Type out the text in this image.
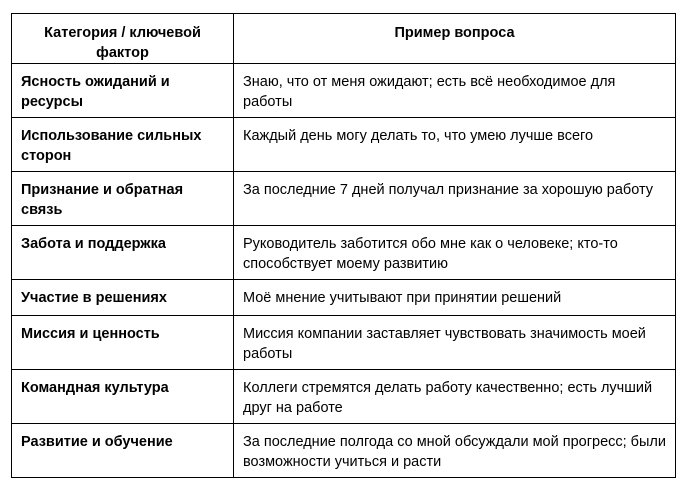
Категория / ключевой фактор	Пример вопроса
Ясность ожиданий и ресурсы	Знаю, что от меня ожидают; есть всё необходимое для работы
Использование сильных сторон	Каждый день могу делать то, что умею лучше всего
Признание и обратная связь	За последние 7 дней получал признание за хорошую работу
Забота и поддержка	Руководитель заботится обо мне как о человеке; кто-то способствует моему развитию
Участие в решениях	Моё мнение учитывают при принятии решений
Миссия и ценность	Миссия компании заставляет чувствовать значимость моей работы
Командная культура	Коллеги стремятся делать работу качественно; есть лучший друг на работе
Развитие и обучение	За последние полгода со мной обсуждали мой прогресс; были возможности учиться и расти
